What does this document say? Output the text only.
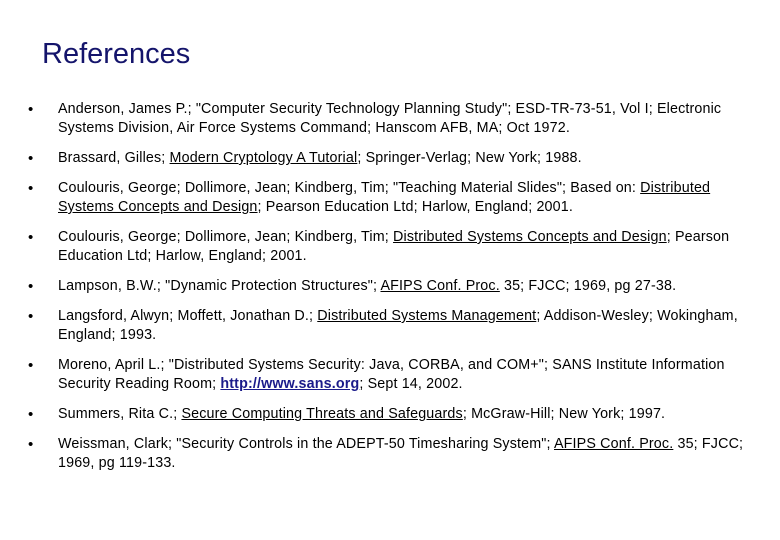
References
• Anderson, James P.; "Computer Security Technology Planning Study"; ESD-TR-73-51, Vol I; Electronic Systems Division, Air Force Systems Command; Hanscom AFB, MA; Oct 1972.
• Brassard, Gilles; Modern Cryptology A Tutorial; Springer-Verlag; New York; 1988.
• Coulouris, George; Dollimore, Jean; Kindberg, Tim; "Teaching Material Slides"; Based on: Distributed Systems Concepts and Design; Pearson Education Ltd; Harlow, England; 2001.
• Coulouris, George; Dollimore, Jean; Kindberg, Tim; Distributed Systems Concepts and Design; Pearson Education Ltd; Harlow, England; 2001.
• Lampson, B.W.; "Dynamic Protection Structures"; AFIPS Conf. Proc. 35; FJCC; 1969, pg 27-38.
• Langsford, Alwyn; Moffett, Jonathan D.; Distributed Systems Management; Addison-Wesley; Wokingham, England; 1993.
• Moreno, April L.; "Distributed Systems Security: Java, CORBA, and COM+"; SANS Institute Information Security Reading Room; http://www.sans.org; Sept 14, 2002.
• Summers, Rita C.; Secure Computing Threats and Safeguards; McGraw-Hill; New York; 1997.
• Weissman, Clark; "Security Controls in the ADEPT-50 Timesharing System"; AFIPS Conf. Proc. 35; FJCC; 1969, pg 119-133.
